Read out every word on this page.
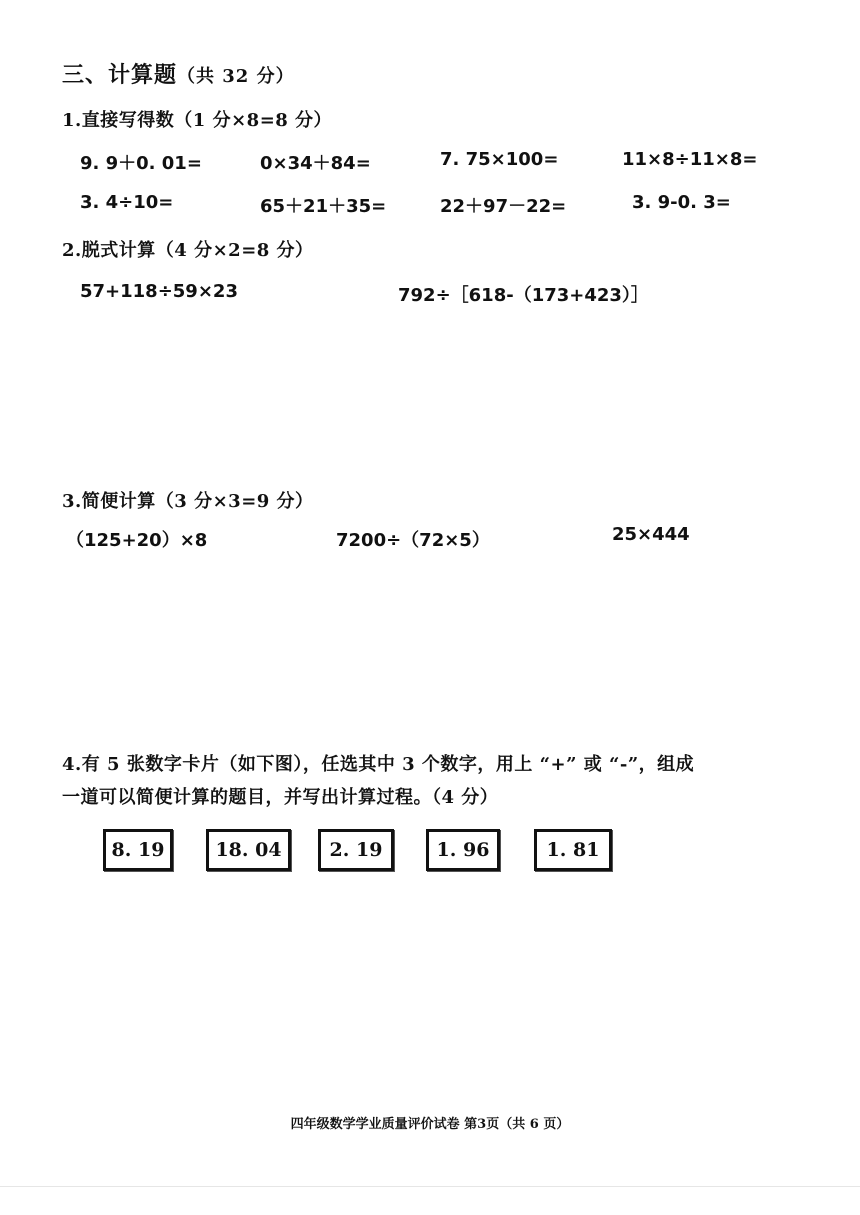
三、计算题（共 32 分）
1.直接写得数（1 分×8=8 分）
9. 9＋0. 01=	0×34＋84=	7. 75×100=	11×8÷11×8=
3. 4÷10=	65＋21＋35=	22＋97－22=	3. 9-0. 3=
2.脱式计算（4 分×2=8 分）
57+118÷59×23	792÷［618-（173+423）］
3.简便计算（3 分×3=9 分）
（125+20）×8	7200÷（72×5）	25×444
4.有 5 张数字卡片（如下图），任选其中 3 个数字，用上 “+” 或 “-”，组成
一道可以简便计算的题目，并写出计算过程。（4 分）
8. 19	18. 04	2. 19	1. 96	1. 81
四年级数学学业质量评价试卷 第3页（共 6 页）
